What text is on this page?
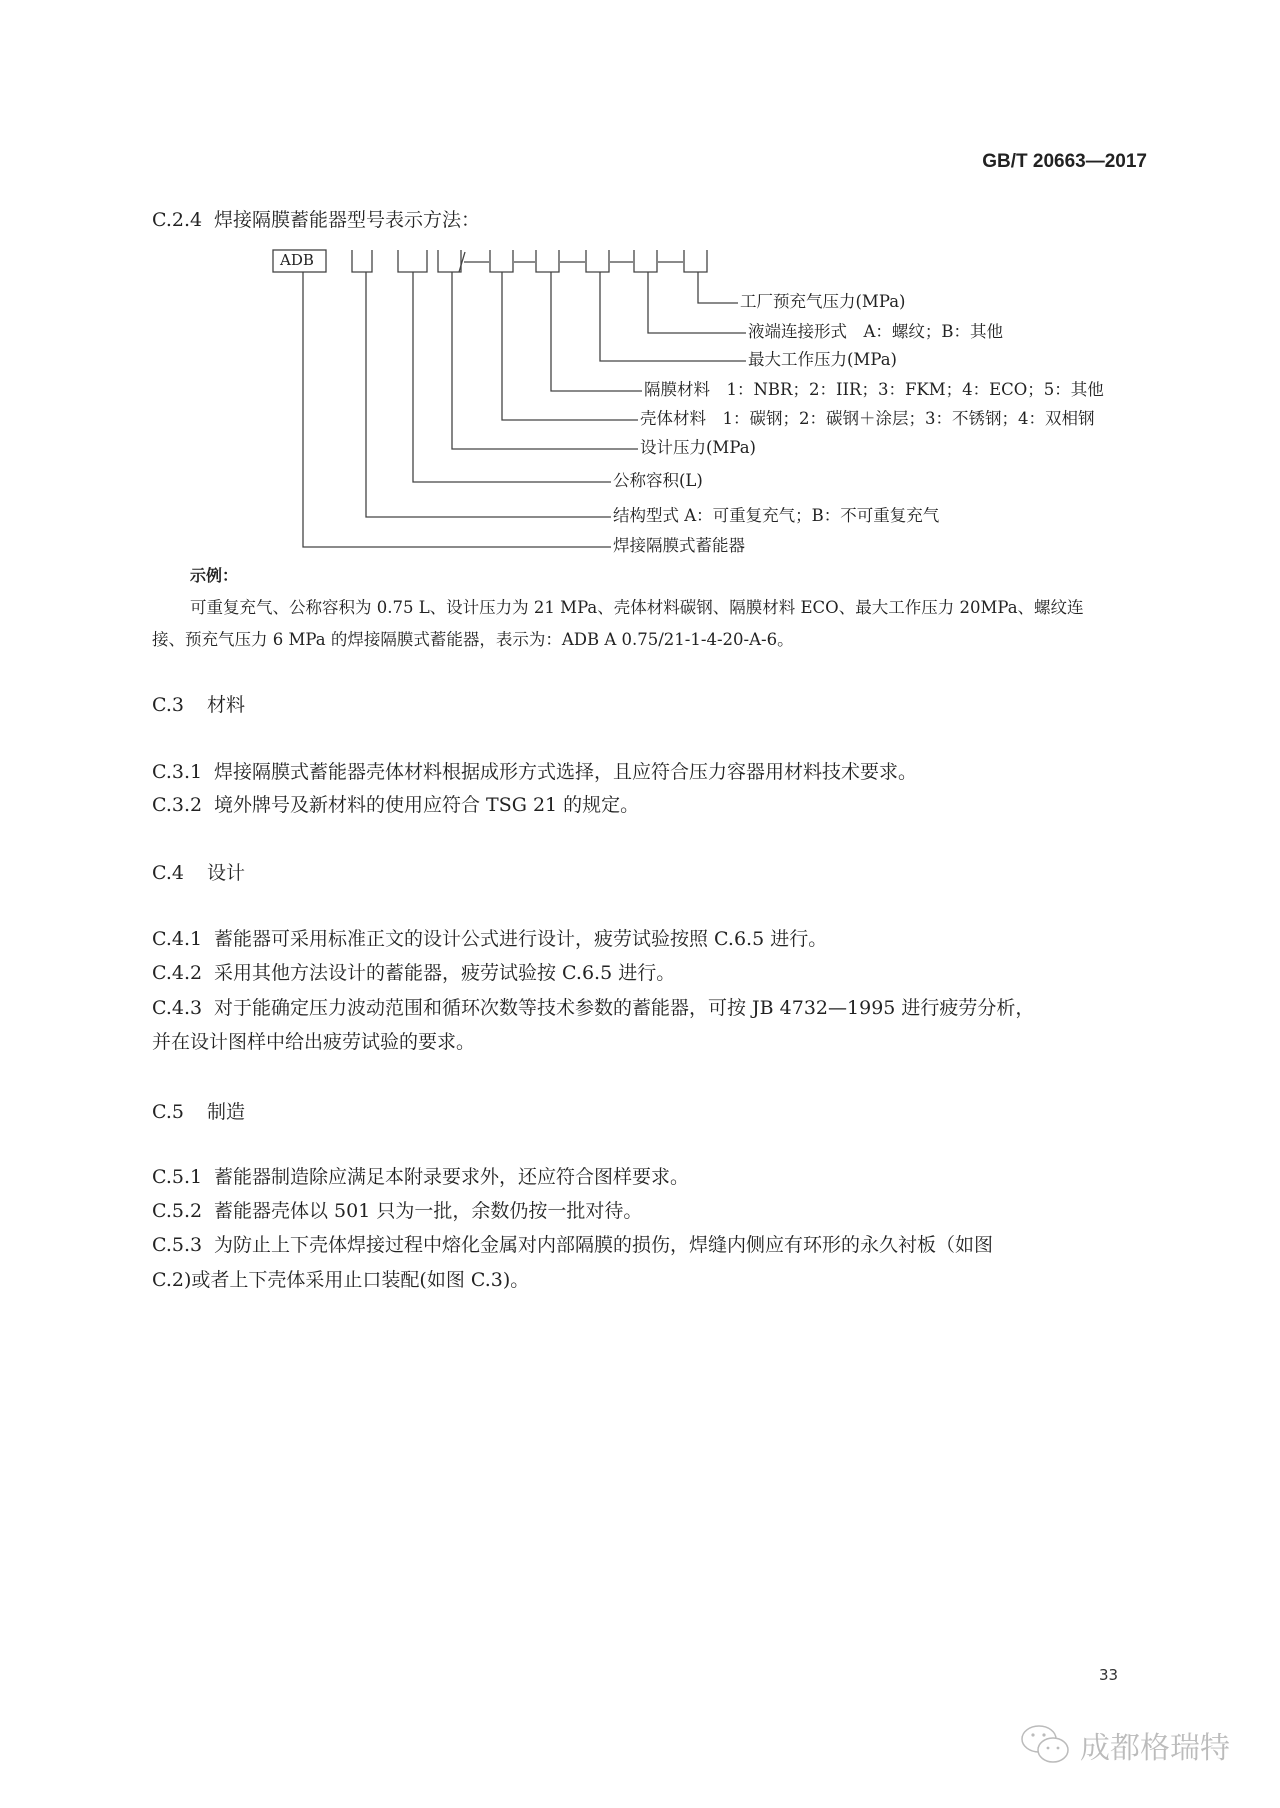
GB/T 20663—2017
C.2.4 焊接隔膜蓄能器型号表示方法：
ADB
工厂预充气压力(MPa)
液端连接形式　A：螺纹；B：其他
最大工作压力(MPa)
隔膜材料　1：NBR；2：IIR；3：FKM；4：ECO；5：其他
壳体材料　1：碳钢；2：碳钢＋涂层；3：不锈钢；4：双相钢
设计压力(MPa)
公称容积(L)
结构型式 A：可重复充气；B：不可重复充气
焊接隔膜式蓄能器
示例：
可重复充气、公称容积为 0.75 L、设计压力为 21 MPa、壳体材料碳钢、隔膜材料 ECO、最大工作压力 20MPa、螺纹连
接、预充气压力 6 MPa 的焊接隔膜式蓄能器，表示为：ADB A 0.75/21-1-4-20-A-6。
C.3 材料
C.3.1 焊接隔膜式蓄能器壳体材料根据成形方式选择，且应符合压力容器用材料技术要求。
C.3.2 境外牌号及新材料的使用应符合 TSG 21 的规定。
C.4 设计
C.4.1 蓄能器可采用标准正文的设计公式进行设计，疲劳试验按照 C.6.5 进行。
C.4.2 采用其他方法设计的蓄能器，疲劳试验按 C.6.5 进行。
C.4.3 对于能确定压力波动范围和循环次数等技术参数的蓄能器，可按 JB 4732—1995 进行疲劳分析，
并在设计图样中给出疲劳试验的要求。
C.5 制造
C.5.1 蓄能器制造除应满足本附录要求外，还应符合图样要求。
C.5.2 蓄能器壳体以 501 只为一批，余数仍按一批对待。
C.5.3 为防止上下壳体焊接过程中熔化金属对内部隔膜的损伤，焊缝内侧应有环形的永久衬板（如图
C.2)或者上下壳体采用止口装配(如图 C.3)。
33
成都格瑞特
